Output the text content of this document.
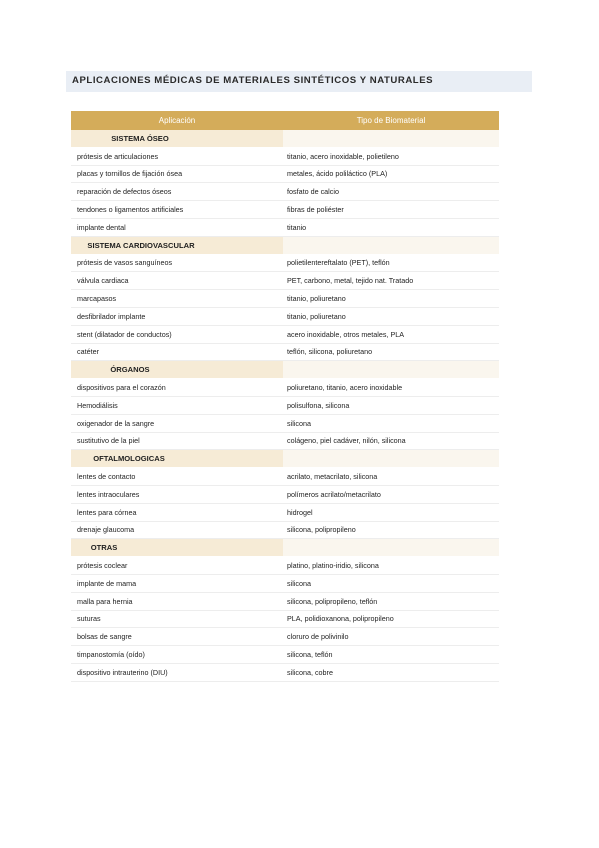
APLICACIONES MÉDICAS DE MATERIALES SINTÉTICOS Y NATURALES
Aplicación	Tipo de Biomaterial
SISTEMA ÓSEO	
prótesis de articulaciones	titanio, acero inoxidable, polietileno
placas y tornillos de fijación ósea	metales, ácido poliláctico (PLA)
reparación de defectos óseos	fosfato de calcio
tendones o ligamentos artificiales	fibras de poliéster
implante dental	titanio
SISTEMA CARDIOVASCULAR	
prótesis de vasos sanguíneos	polietilentereftalato (PET), teflón
válvula cardiaca	PET, carbono, metal, tejido nat. Tratado
marcapasos	titanio, poliuretano
desfibrilador implante	titanio, poliuretano
stent (dilatador de conductos)	acero inoxidable, otros metales, PLA
catéter	teflón, silicona, poliuretano
ÓRGANOS	
dispositivos para el corazón	poliuretano, titanio, acero inoxidable
Hemodiálisis	polisulfona, silicona
oxigenador de la sangre	silicona
sustitutivo de la piel	colágeno, piel cadáver, nilón, silicona
OFTALMOLOGICAS	
lentes de contacto	acrilato, metacrilato, silicona
lentes intraoculares	polímeros acrilato/metacrilato
lentes para córnea	hidrogel
drenaje glaucoma	silicona, polipropileno
OTRAS	
prótesis coclear	platino, platino-iridio, silicona
implante de mama	silicona
malla para hernia	silicona, polipropileno, teflón
suturas	PLA, polidioxanona, polipropileno
bolsas de sangre	cloruro de polivinilo
timpanostomía (oído)	silicona, teflón
dispositivo intrauterino (DIU)	silicona, cobre
